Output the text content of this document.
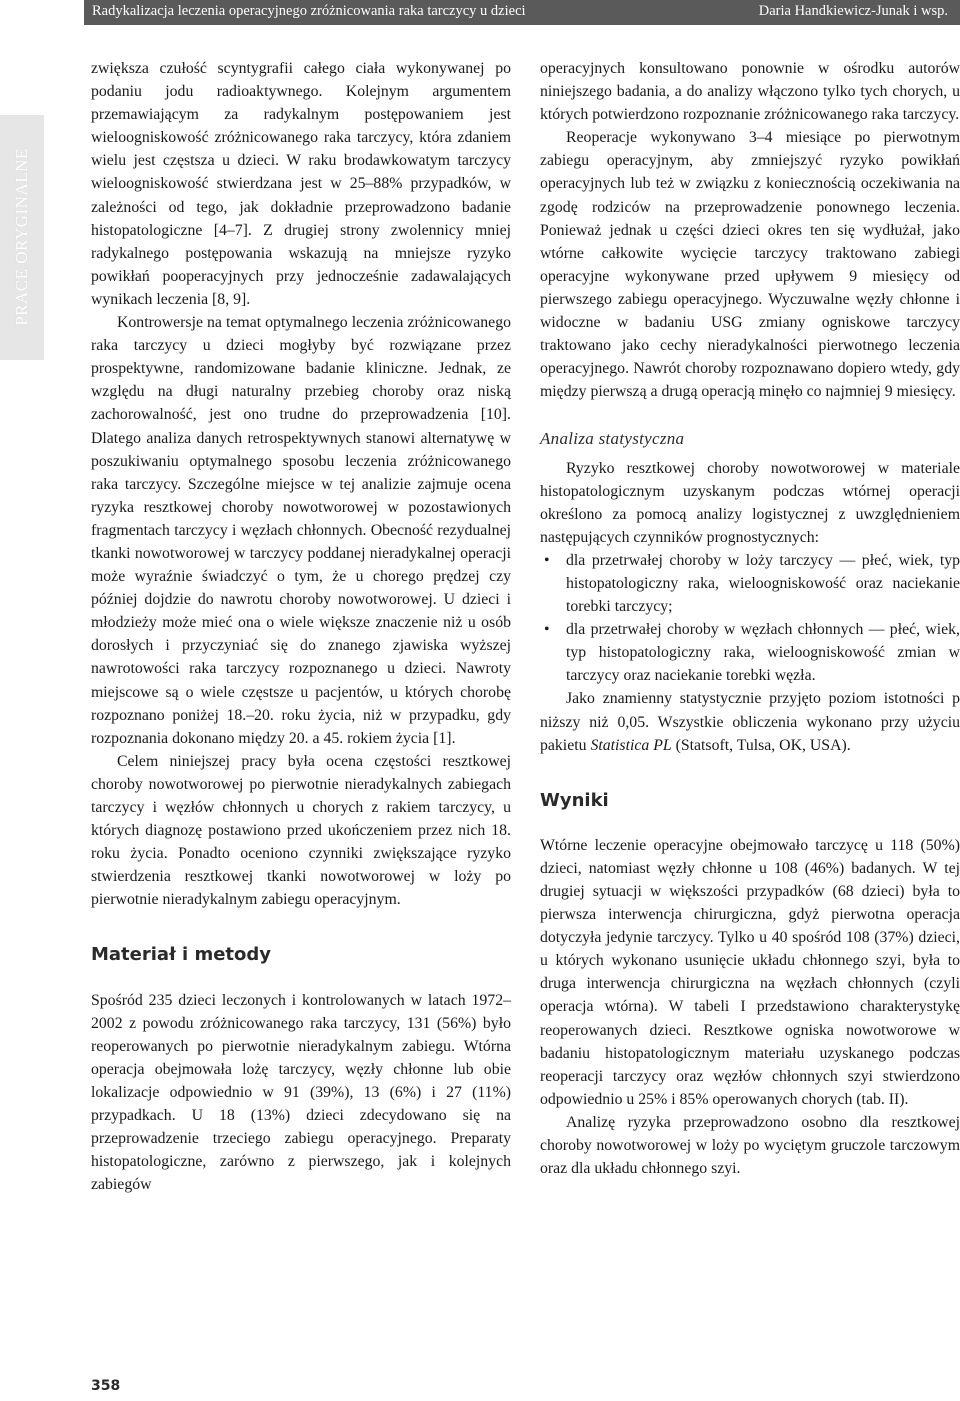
Radykalizacja leczenia operacyjnego zróżnicowania raka tarczycy u dzieci	Daria Handkiewicz-Junak i wsp.
PRACE ORYGINALNE

zwiększa czułość scyntygrafii całego ciała wykonywanej po podaniu jodu radioaktywnego. Kolejnym argumentem przemawiającym za radykalnym postępowaniem jest wieloogniskowość zróżnicowanego raka tarczycy, która zdaniem wielu jest częstsza u dzieci. W raku brodawkowatym tarczycy wieloogniskowość stwierdzana jest w 25–88% przypadków, w zależności od tego, jak dokładnie przeprowadzono badanie histopatologiczne [4–7]. Z drugiej strony zwolennicy mniej radykalnego postępowania wskazują na mniejsze ryzyko powikłań pooperacyjnych przy jednocześnie zadawalających wynikach leczenia [8, 9].

Kontrowersje na temat optymalnego leczenia zróżnicowanego raka tarczycy u dzieci mogłyby być rozwiązane przez prospektywne, randomizowane badanie kliniczne. Jednak, ze względu na długi naturalny przebieg choroby oraz niską zachorowalność, jest ono trudne do przeprowadzenia [10]. Dlatego analiza danych retrospektywnych stanowi alternatywę w poszukiwaniu optymalnego sposobu leczenia zróżnicowanego raka tarczycy. Szczególne miejsce w tej analizie zajmuje ocena ryzyka resztkowej choroby nowotworowej w pozostawionych fragmentach tarczycy i węzłach chłonnych. Obecność rezydualnej tkanki nowotworowej w tarczycy poddanej nieradykalnej operacji może wyraźnie świadczyć o tym, że u chorego prędzej czy później dojdzie do nawrotu choroby nowotworowej. U dzieci i młodzieży może mieć ona o wiele większe znaczenie niż u osób dorosłych i przyczyniać się do znanego zjawiska wyższej nawrotowości raka tarczycy rozpoznanego u dzieci. Nawroty miejscowe są o wiele częstsze u pacjentów, u których chorobę rozpoznano poniżej 18.–20. roku życia, niż w przypadku, gdy rozpoznania dokonano między 20. a 45. rokiem życia [1].

Celem niniejszej pracy była ocena częstości resztkowej choroby nowotworowej po pierwotnie nieradykalnych zabiegach tarczycy i węzłów chłonnych u chorych z rakiem tarczycy, u których diagnozę postawiono przed ukończeniem przez nich 18. roku życia. Ponadto oceniono czynniki zwiększające ryzyko stwierdzenia resztkowej tkanki nowotworowej w loży po pierwotnie nieradykalnym zabiegu operacyjnym.

Materiał i metody

Spośród 235 dzieci leczonych i kontrolowanych w latach 1972–2002 z powodu zróżnicowanego raka tarczycy, 131 (56%) było reoperowanych po pierwotnie nieradykalnym zabiegu. Wtórna operacja obejmowała lożę tarczycy, węzły chłonne lub obie lokalizacje odpowiednio w 91 (39%), 13 (6%) i 27 (11%) przypadkach. U 18 (13%) dzieci zdecydowano się na przeprowadzenie trzeciego zabiegu operacyjnego. Preparaty histopatologiczne, zarówno z pierwszego, jak i kolejnych zabiegów

operacyjnych konsultowano ponownie w ośrodku autorów niniejszego badania, a do analizy włączono tylko tych chorych, u których potwierdzono rozpoznanie zróżnicowanego raka tarczycy.

Reoperacje wykonywano 3–4 miesiące po pierwotnym zabiegu operacyjnym, aby zmniejszyć ryzyko powikłań operacyjnych lub też w związku z koniecznością oczekiwania na zgodę rodziców na przeprowadzenie ponownego leczenia. Ponieważ jednak u części dzieci okres ten się wydłużał, jako wtórne całkowite wycięcie tarczycy traktowano zabiegi operacyjne wykonywane przed upływem 9 miesięcy od pierwszego zabiegu operacyjnego. Wyczuwalne węzły chłonne i widoczne w badaniu USG zmiany ogniskowe tarczycy traktowano jako cechy nieradykalności pierwotnego leczenia operacyjnego. Nawrót choroby rozpoznawano dopiero wtedy, gdy między pierwszą a drugą operacją minęło co najmniej 9 miesięcy.

Analiza statystyczna

Ryzyko resztkowej choroby nowotworowej w materiale histopatologicznym uzyskanym podczas wtórnej operacji określono za pomocą analizy logistycznej z uwzględnieniem następujących czynników prognostycznych:

• dla przetrwałej choroby w loży tarczycy — płeć, wiek, typ histopatologiczny raka, wieloogniskowość oraz naciekanie torebki tarczycy;
• dla przetrwałej choroby w węzłach chłonnych — płeć, wiek, typ histopatologiczny raka, wieloogniskowość zmian w tarczycy oraz naciekanie torebki węzła.

Jako znamienny statystycznie przyjęto poziom istotności p niższy niż 0,05. Wszystkie obliczenia wykonano przy użyciu pakietu Statistica PL (Statsoft, Tulsa, OK, USA).

Wyniki

Wtórne leczenie operacyjne obejmowało tarczycę u 118 (50%) dzieci, natomiast węzły chłonne u 108 (46%) badanych. W tej drugiej sytuacji w większości przypadków (68 dzieci) była to pierwsza interwencja chirurgiczna, gdyż pierwotna operacja dotyczyła jedynie tarczycy. Tylko u 40 spośród 108 (37%) dzieci, u których wykonano usunięcie układu chłonnego szyi, była to druga interwencja chirurgiczna na węzłach chłonnych (czyli operacja wtórna). W tabeli I przedstawiono charakterystykę reoperowanych dzieci. Resztkowe ogniska nowotworowe w badaniu histopatologicznym materiału uzyskanego podczas reoperacji tarczycy oraz węzłów chłonnych szyi stwierdzono odpowiednio u 25% i 85% operowanych chorych (tab. II).

Analizę ryzyka przeprowadzono osobno dla resztkowej choroby nowotworowej w loży po wyciętym gruczole tarczowym oraz dla układu chłonnego szyi.

358
